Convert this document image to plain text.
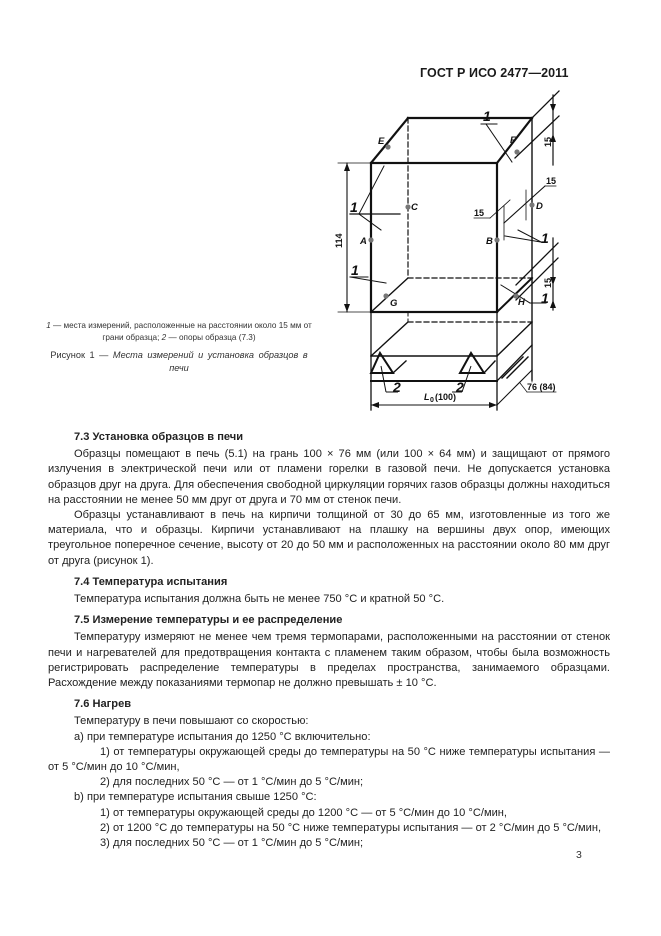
ГОСТ Р ИСО 2477—2011
A	B
C	D
E	F
G	H
1
1
1
1
1
2	2
114
15
15
15
15
76 (84)
L 0 (100)
1 — места измерений, расположенные на расстоянии около 15 мм от грани образца; 2 — опоры образца (7.3)
Рисунок 1 — Места измерений и установка образцов в печи
7.3 Установка образцов в печи

Образцы помещают в печь (5.1) на грань 100 × 76 мм (или 100 × 64 мм) и защищают от прямого излучения в электрической печи или от пламени горелки в газовой печи. Не допускается установка образцов друг на друга. Для обеспечения свободной циркуляции горячих газов образцы должны находиться на расстоянии не менее 50 мм друг от друга и 70 мм от стенок печи.

Образцы устанавливают в печь на кирпичи толщиной от 30 до 65 мм, изготовленные из того же материала, что и образцы. Кирпичи устанавливают на плашку на вершины двух опор, имеющих треугольное поперечное сечение, высоту от 20 до 50 мм и расположенных на расстоянии около 80 мм друг от друга (рисунок 1).

7.4 Температура испытания

Температура испытания должна быть не менее 750 °С и кратной 50 °С.

7.5 Измерение температуры и ее распределение

Температуру измеряют не менее чем тремя термопарами, расположенными на расстоянии от стенок печи и нагревателей для предотвращения контакта с пламенем таким образом, чтобы была возможность регистрировать распределение температуры в пределах пространства, занимаемого образцами. Расхождение между показаниями термопар не должно превышать ± 10 °С.

7.6 Нагрев

Температуру в печи повышают со скоростью:

а) при температуре испытания до 1250 °С включительно:
1) от температуры окружающей среды до температуры на 50 °С ниже температуры испытания — от 5 °С/мин до 10 °С/мин,
2) для последних 50 °С — от 1 °С/мин до 5 °С/мин;
b) при температуре испытания свыше 1250 °С:
1) от температуры окружающей среды до 1200 °С — от 5 °С/мин до 10 °С/мин,
2) от 1200 °С до температуры на 50 °С ниже температуры испытания — от 2 °С/мин до 5 °С/мин,
3) для последних 50 °С — от 1 °С/мин до 5 °С/мин;
3
